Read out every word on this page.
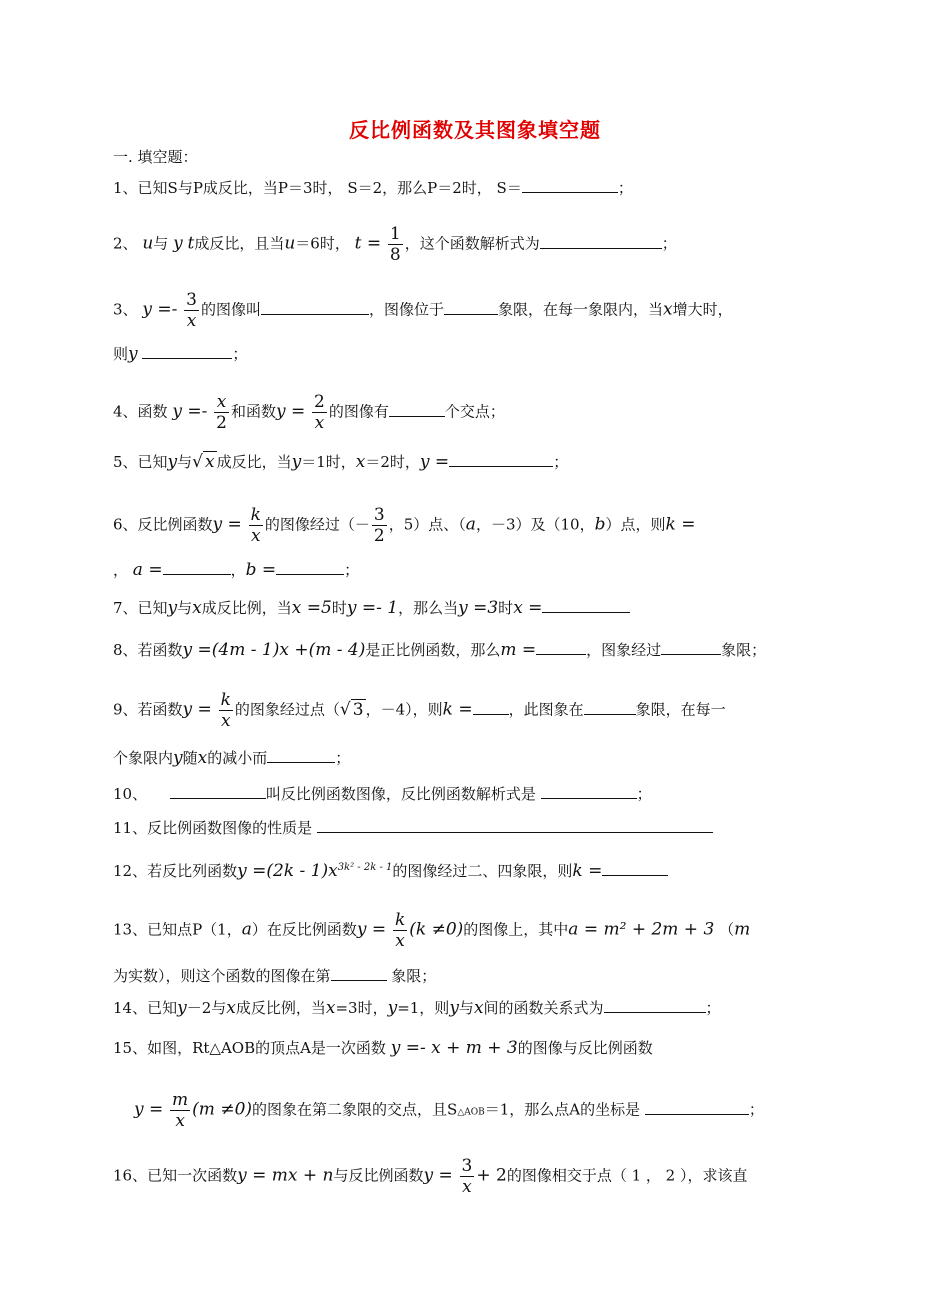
反比例函数及其图象填空题
一. 填空题：
1、已知S与P成反比，当P＝3时， S＝2，那么P＝2时， S＝	；
2、 u与 y t成反比，且当u＝6时， $t = \frac{1}{8}$ ，这个函数解析式为	；
3、 $y =- \frac{3}{x}$ 的图像叫	，图像位于	象限，在每一象限内，当x增大时，
则y	；
4、函数 $y =- \frac{x}{2}$ 和函数$y = \frac{2}{x}$ 的图像有	个交点；
5、已知y与√ x 成反比，当y＝1时，x＝2时，y =	；
6、反比例函数$y = \frac{k}{x}$ 的图像经过（－ $\frac{3}{2}$ ，5）点、（a，－3）及（10，b）点，则k =
， a =	，b =	；
7、已知y与x成反比例，当x =5时y =- 1，那么当y =3时x =
8、若函数y =(4m - 1)x +(m - 4)是正比例函数，那么m =	，图象经过	象限；
9、若函数$y = \frac{k}{x}$ 的图象经过点（√ 3 ，－4），则k = ，此图象在	象限，在每一
个象限内y随x的减小而	；
10、	叫反比例函数图像，反比例函数解析式是	；
11、反比例函数图像的性质是
12、若反比列函数$y =(2k - 1)x^{3k^2 - 2k - 1}$的图像经过二、四象限，则k =
13、已知点P（1，a）在反比例函数$y = \frac{k}{x} (k \ne 0)$的图像上，其中a = m² + 2m + 3 （m
为实数），则这个函数的图像在第	象限；
14、已知y－2与x成反比例，当x=3时，y=1，则y与x间的函数关系式为	；
15、如图，Rt△AOB的顶点A是一次函数 y =- x + m + 3的图像与反比例函数
$y = \frac{m}{x} (m \ne 0)$的图象在第二象限的交点，且S△AOB＝1，那么点A的坐标是	；
16、已知一次函数y = mx + n与反比例函数$y = \frac{3}{x} + 2$的图像相交于点（ 1 ， 2 ），求该直
